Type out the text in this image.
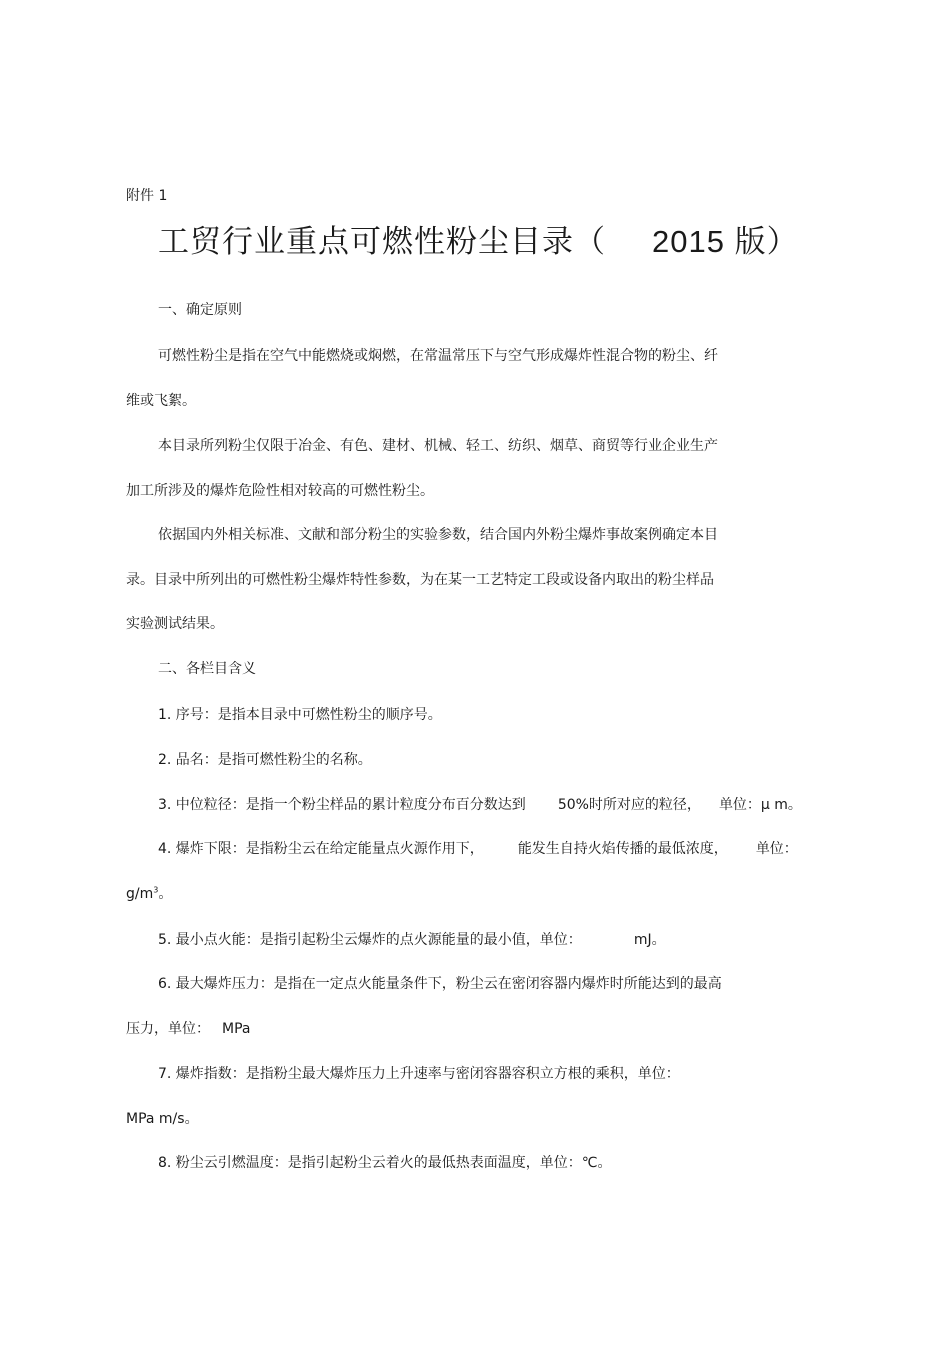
附件 1
工贸行业重点可燃性粉尘目录（ 2015 版）
一、确定原则
可燃性粉尘是指在空气中能燃烧或焖燃，在常温常压下与空气形成爆炸性混合物的粉尘、纤
维或飞絮。
本目录所列粉尘仅限于冶金、有色、建材、机械、轻工、纺织、烟草、商贸等行业企业生产
加工所涉及的爆炸危险性相对较高的可燃性粉尘。
依据国内外相关标准、文献和部分粉尘的实验参数，结合国内外粉尘爆炸事故案例确定本目
录。目录中所列出的可燃性粉尘爆炸特性参数，为在某一工艺特定工段或设备内取出的粉尘样品
实验测试结果。
二、各栏目含义
1. 序号：是指本目录中可燃性粉尘的顺序号。
2. 品名：是指可燃性粉尘的名称。
3. 中位粒径：是指一个粉尘样品的累计粒度分布百分数达到 50%时所对应的粒径， 单位：μ m。
4. 爆炸下限：是指粉尘云在给定能量点火源作用下， 能发生自持火焰传播的最低浓度， 单位：
$g/m^3$。
5. 最小点火能：是指引起粉尘云爆炸的点火源能量的最小值，单位：	mJ。
6. 最大爆炸压力：是指在一定点火能量条件下，粉尘云在密闭容器内爆炸时所能达到的最高
压力，单位： MPa
7. 爆炸指数：是指粉尘最大爆炸压力上升速率与密闭容器容积立方根的乘积，单位：
MPa m/s。
8. 粉尘云引燃温度：是指引起粉尘云着火的最低热表面温度，单位：℃。
